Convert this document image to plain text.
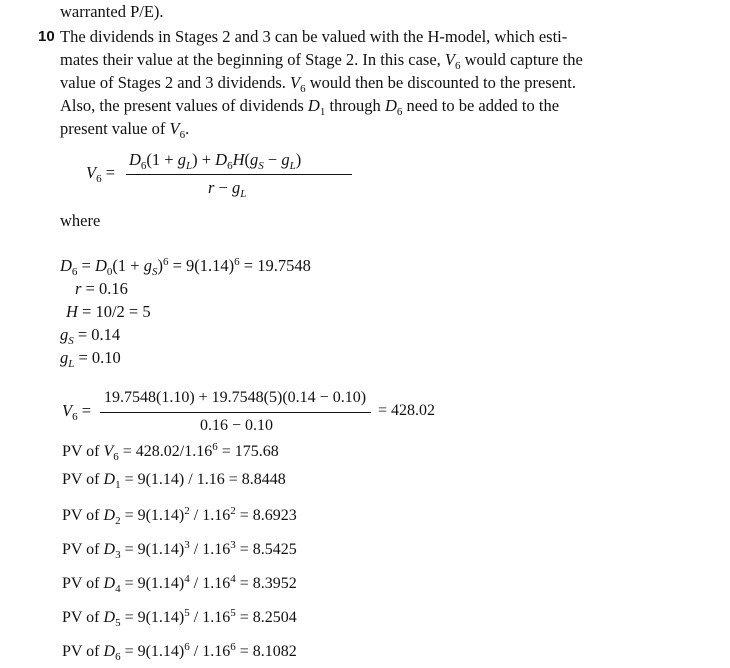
warranted P/E).
10 The dividends in Stages 2 and 3 can be valued with the H-model, which esti-
mates their value at the beginning of Stage 2. In this case, $V_6$ would capture the
value of Stages 2 and 3 dividends. $V_6$ would then be discounted to the present.
Also, the present values of dividends $D_1$ through $D_6$ need to be added to the
present value of $V_6$.
$V_6$ =
$D_6(1 + g_L) + D_6H(g_S - g_L)$
$r - g_L$
where
$D_6 = D_0(1 + g_S)^6 = 9(1.14)^6 = 19.7548$
r = 0.16
H = 10/2 = 5
$g_S = 0.14$
$g_L = 0.10$
$V_6$ =
19.7548(1.10) + 19.7548(5)(0.14 − 0.10)
0.16 − 0.10
= 428.02
PV of $V_6 = 428.02/1.16^6 = 175.68$
PV of $D_1 = 9(1.14) / 1.16 = 8.8448$
PV of $D_2 = 9(1.14)^2 / 1.16^2 = 8.6923$
PV of $D_3 = 9(1.14)^3 / 1.16^3 = 8.5425$
PV of $D_4 = 9(1.14)^4 / 1.16^4 = 8.3952$
PV of $D_5 = 9(1.14)^5 / 1.16^5 = 8.2504$
PV of $D_6 = 9(1.14)^6 / 1.16^6 = 8.1082$
